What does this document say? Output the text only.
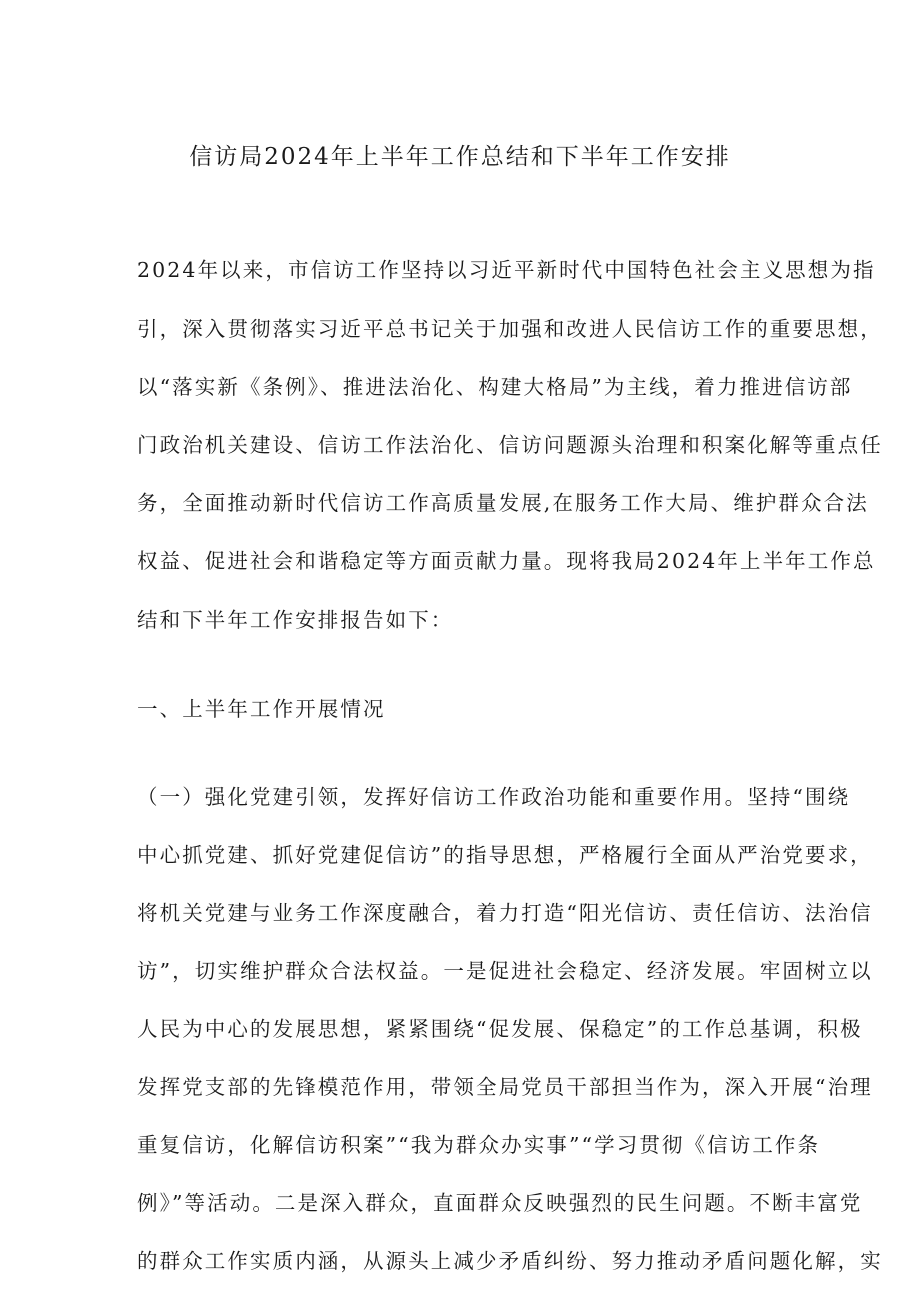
信访局2024年上半年工作总结和下半年工作安排
2024年以来，市信访工作坚持以习近平新时代中国特色社会主义思想为指
引，深入贯彻落实习近平总书记关于加强和改进人民信访工作的重要思想，
以“落实新《条例》、推进法治化、构建大格局”为主线，着力推进信访部
门政治机关建设、信访工作法治化、信访问题源头治理和积案化解等重点任
务，全面推动新时代信访工作高质量发展,在服务工作大局、维护群众合法
权益、促进社会和谐稳定等方面贡献力量。现将我局2024年上半年工作总
结和下半年工作安排报告如下：
一、上半年工作开展情况
（一）强化党建引领，发挥好信访工作政治功能和重要作用。坚持“围绕
中心抓党建、抓好党建促信访”的指导思想，严格履行全面从严治党要求，
将机关党建与业务工作深度融合，着力打造“阳光信访、责任信访、法治信
访”，切实维护群众合法权益。一是促进社会稳定、经济发展。牢固树立以
人民为中心的发展思想，紧紧围绕“促发展、保稳定”的工作总基调，积极
发挥党支部的先锋模范作用，带领全局党员干部担当作为，深入开展“治理
重复信访，化解信访积案”“我为群众办实事”“学习贯彻《信访工作条
例》”等活动。二是深入群众，直面群众反映强烈的民生问题。不断丰富党
的群众工作实质内涵，从源头上减少矛盾纠纷、努力推动矛盾问题化解，实
